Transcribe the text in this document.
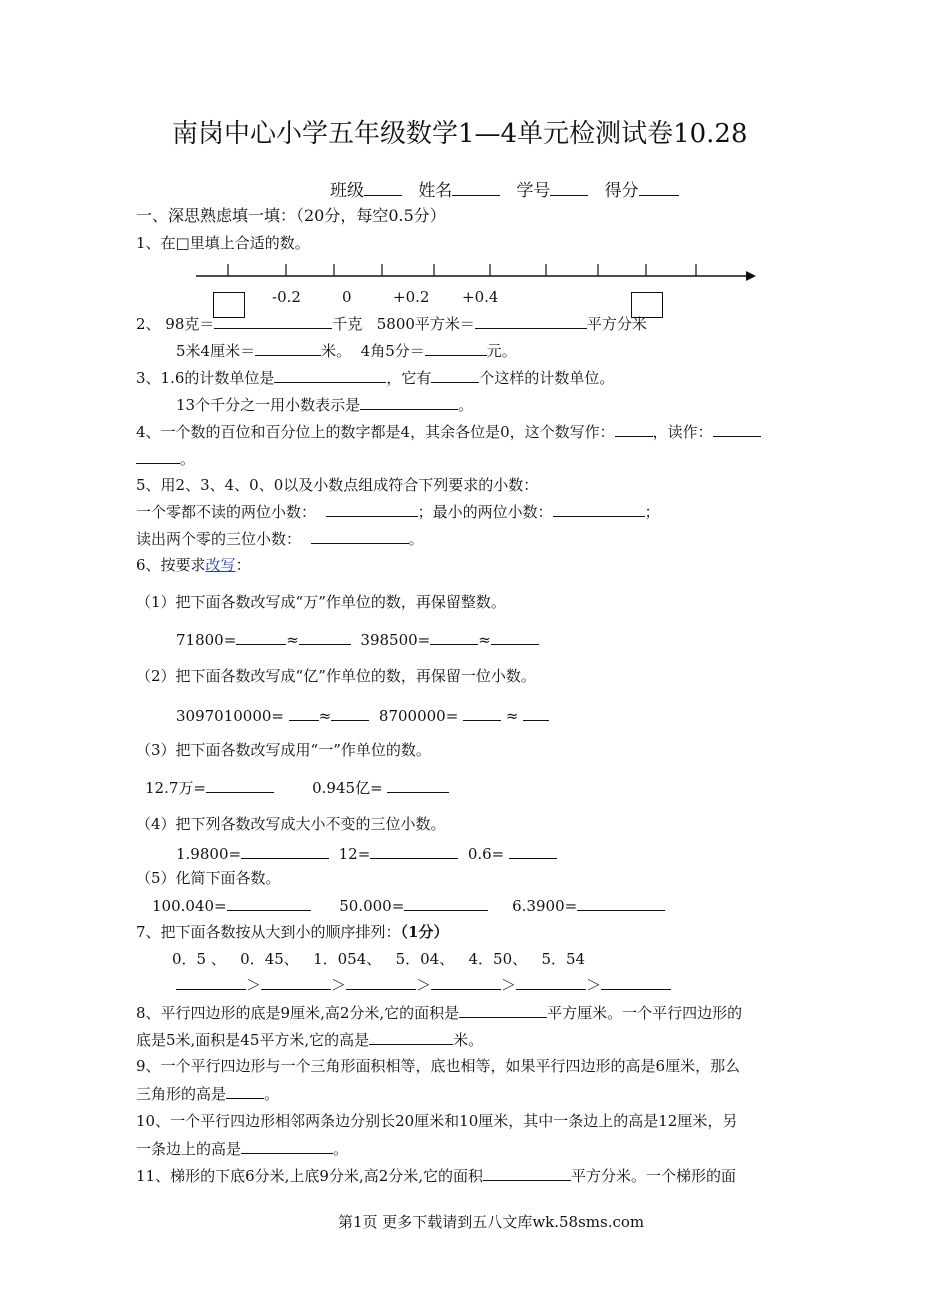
南岗中心小学五年级数学1—4单元检测试卷10.28
班级	姓名	学号	得分
一、深思熟虑填一填：（20分，每空0.5分）
1、在□里填上合适的数。
-0.2	0	+0.2 +0.4
2、 98克＝	千克 5800平方米＝	平方分米
5米4厘米＝	米。 4角5分＝	元。
3、1.6的计数单位是	，它有	个这样的计数单位。
13个千分之一用小数表示是	。
4、一个数的百位和百分位上的数字都是4，其余各位是0，这个数写作：	，读作：
。
5、用2、3、4、0、0以及小数点组成符合下列要求的小数：
一个零都不读的两位小数：	；最小的两位小数：	；
读出两个零的三位小数：	。
6、按要求改写：
（1）把下面各数改写成“万”作单位的数，再保留整数。
71800=	≈	398500=	≈
（2）把下面各数改写成“亿”作单位的数，再保留一位小数。
3097010000= ≈	8700000=	≈
（3）把下面各数改写成用“一”作单位的数。
12.7万=	0.945亿=
（4）把下列各数改写成大小不变的三位小数。
1.9800=	12=	0.6=
（5）化简下面各数。
100.040=	50.000=	6.3900=
7、把下面各数按从大到小的顺序排列：（1分）
0．5 、   0．45、   1．054、   5．04、   4．50、   5．54
＞	＞	＞	＞	＞
8、平行四边形的底是9厘米,高2分米,它的面积是	平方厘米。一个平行四边形的
底是5米,面积是45平方米,它的高是	米。
9、一个平行四边形与一个三角形面积相等，底也相等，如果平行四边形的高是6厘米，那么
三角形的高是	。
10、一个平行四边形相邻两条边分别长20厘米和10厘米，其中一条边上的高是12厘米，另
一条边上的高是	。
11、梯形的下底6分米,上底9分米,高2分米,它的面积	平方分米。一个梯形的面
第1页 更多下载请到五八文库wk.58sms.com
